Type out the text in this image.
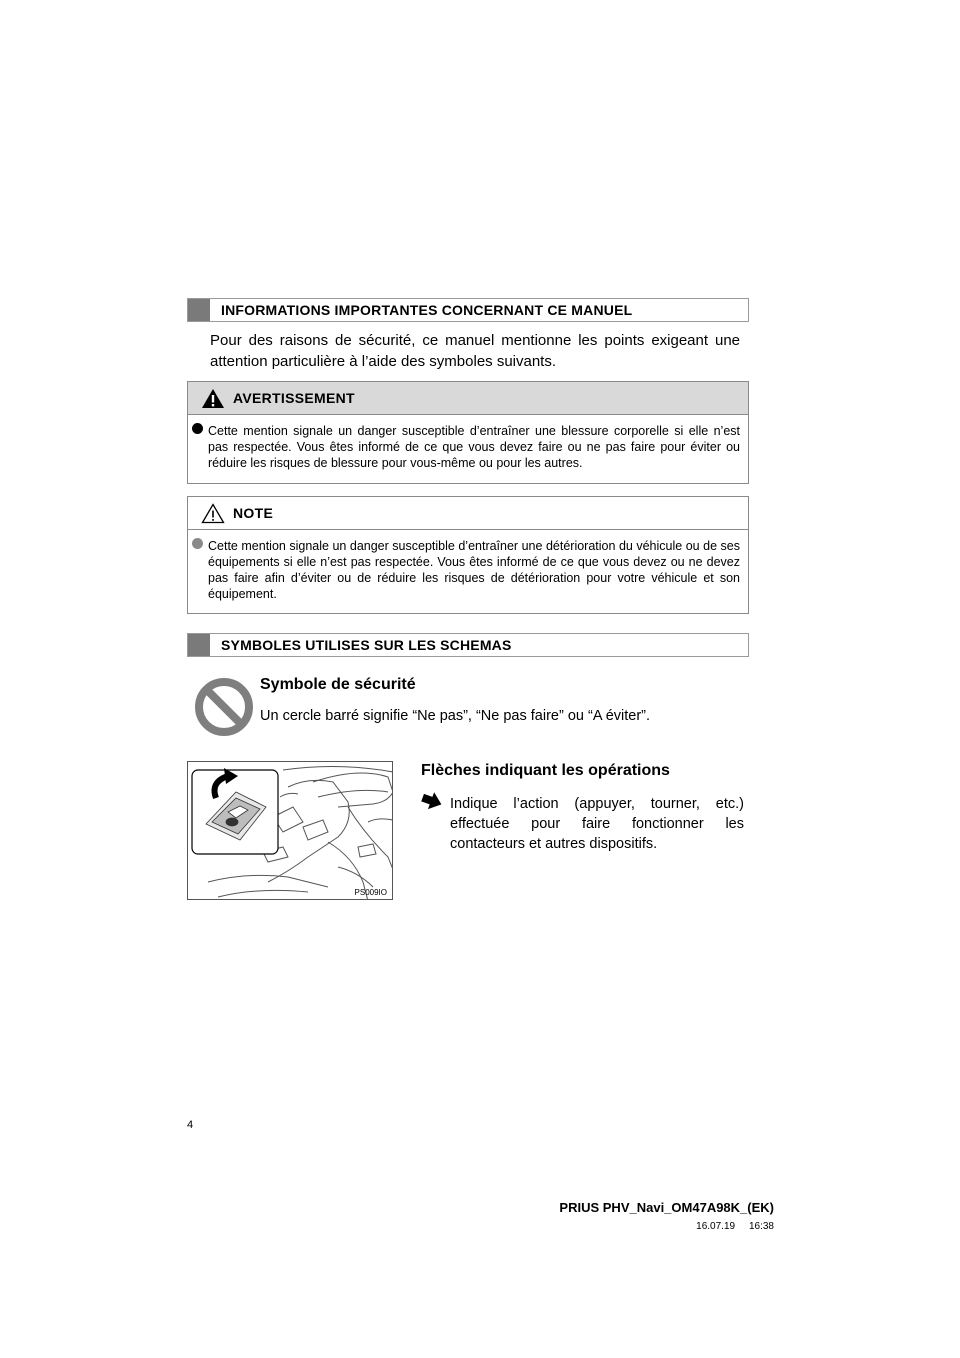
INFORMATIONS IMPORTANTES CONCERNANT CE MANUEL
Pour des raisons de sécurité, ce manuel mentionne les points exigeant une attention particulière à l’aide des symboles suivants.
AVERTISSEMENT
Cette mention signale un danger susceptible d’entraîner une blessure corporelle si elle n’est pas respectée. Vous êtes informé de ce que vous devez faire ou ne pas faire pour éviter ou réduire les risques de blessure pour vous-même ou pour les autres.
NOTE
Cette mention signale un danger susceptible d’entraîner une détérioration du véhicule ou de ses équipements si elle n’est pas respectée. Vous êtes informé de ce que vous devez ou ne devez pas faire afin d’éviter ou de réduire les risques de détérioration pour votre véhicule et son équipement.
SYMBOLES UTILISES SUR LES SCHEMAS
Symbole de sécurité
Un cercle barré signifie “Ne pas”, “Ne pas faire” ou “A éviter”.
PS009IO
Flèches indiquant les opérations
Indique l’action (appuyer, tourner, etc.) effectuée pour faire fonctionner les contacteurs et autres dispositifs.
4
PRIUS PHV_Navi_OM47A98K_(EK)
16.07.19     16:38
